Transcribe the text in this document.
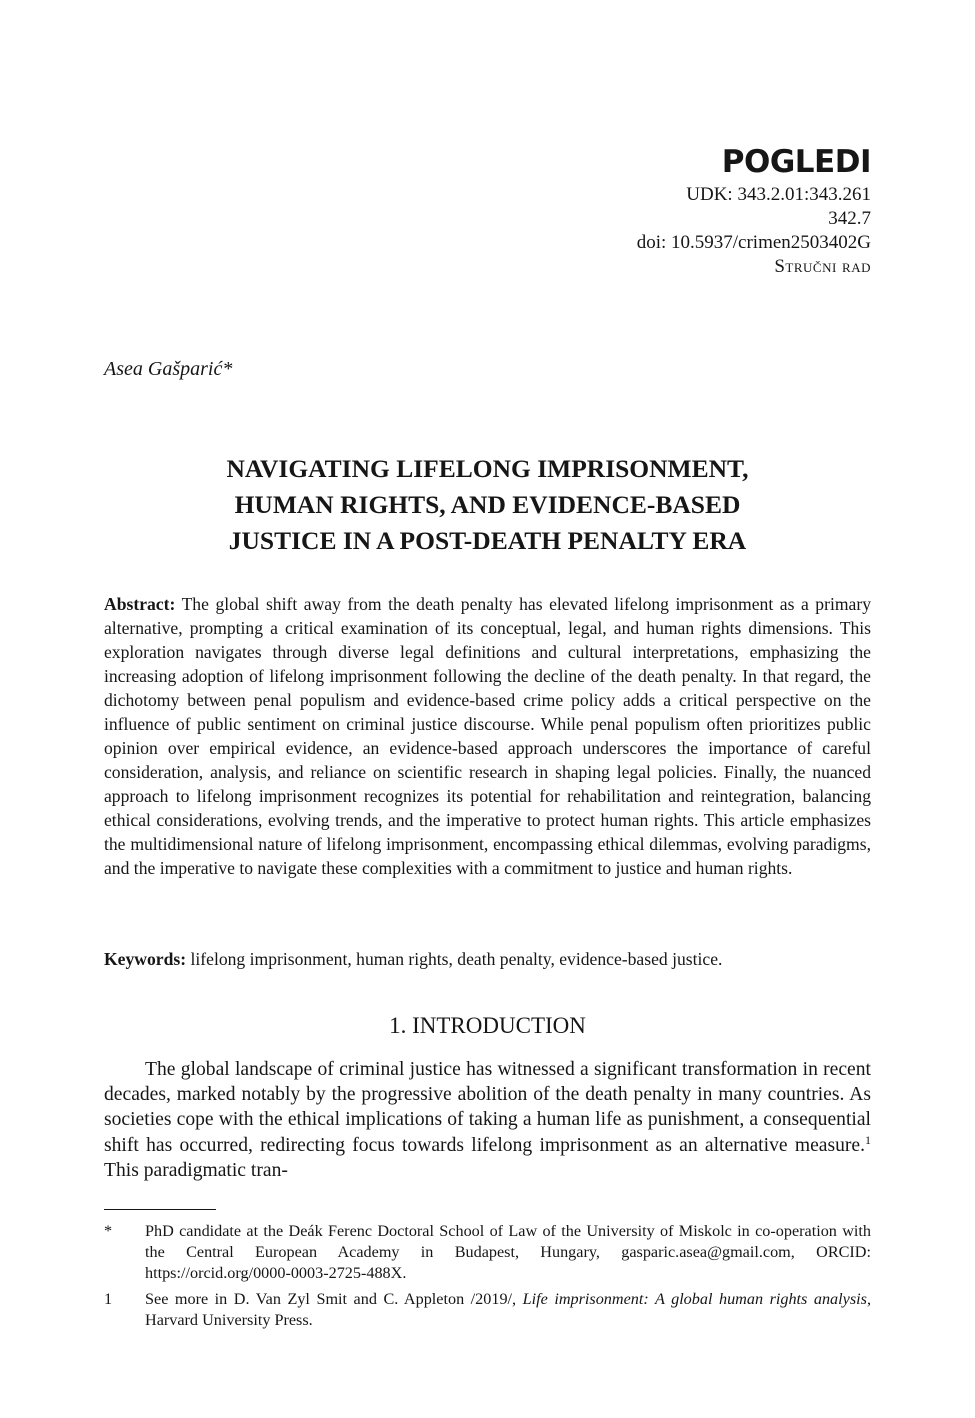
POGLEDI
UDK: 343.2.01:343.261
342.7
doi: 10.5937/crimen2503402G
Stručni rad
Asea Gašparić*
NAVIGATING LIFELONG IMPRISONMENT,
HUMAN RIGHTS, AND EVIDENCE-BASED
JUSTICE IN A POST-DEATH PENALTY ERA
Abstract: The global shift away from the death penalty has elevated lifelong imprisonment as a primary alternative, prompting a critical examination of its conceptual, legal, and human rights dimensions. This exploration navigates through diverse legal definitions and cultural interpretations, emphasizing the increasing adoption of lifelong imprisonment following the decline of the death penalty. In that regard, the dichotomy between penal populism and evidence-based crime policy adds a critical perspective on the influence of public sentiment on criminal justice discourse. While penal populism often prioritizes public opinion over empirical evidence, an evidence-based approach underscores the importance of careful consideration, analysis, and reliance on scientific research in shaping legal policies. Finally, the nuanced approach to lifelong imprisonment recognizes its potential for rehabilitation and reintegration, balancing ethical considerations, evolving trends, and the imperative to protect human rights. This article emphasizes the multidimensional nature of lifelong imprisonment, encompassing ethical dilemmas, evolving paradigms, and the imperative to navigate these complexities with a commitment to justice and human rights.
Keywords: lifelong imprisonment, human rights, death penalty, evidence-based justice.
1. INTRODUCTION
The global landscape of criminal justice has witnessed a significant transformation in recent decades, marked notably by the progressive abolition of the death penalty in many countries. As societies cope with the ethical implications of taking a human life as punishment, a consequential shift has occurred, redirecting focus towards lifelong imprisonment as an alternative measure.$^1$ This paradigmatic tran-
*	PhD candidate at the Deák Ferenc Doctoral School of Law of the University of Miskolc in co-operation with the Central European Academy in Budapest, Hungary, gasparic.asea@gmail.com, ORCID: https://orcid.org/0000-0003-2725-488X.
1	See more in D. Van Zyl Smit and C. Appleton /2019/, Life imprisonment: A global human rights analysis, Harvard University Press.
